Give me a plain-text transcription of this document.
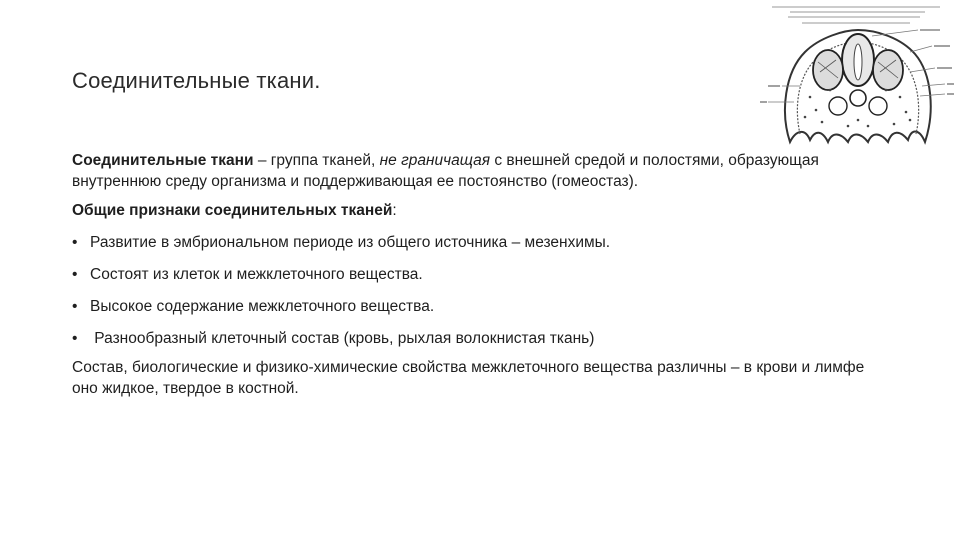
Соединительные ткани.

Соединительные ткани – группа тканей, не граничащая с внешней средой и полостями, образующая внутреннюю среду организма и поддерживающая ее постоянство (гомеостаз).

Общие признаки соединительных тканей:

• Развитие в эмбриональном периоде из общего источника – мезенхимы.
• Состоят из клеток и межклеточного вещества.
• Высокое содержание межклеточного вещества.
• Разнообразный клеточный состав (кровь, рыхлая волокнистая ткань)

Состав, биологические и физико-химические свойства межклеточного вещества различны – в крови и лимфе оно жидкое, твердое в костной.
